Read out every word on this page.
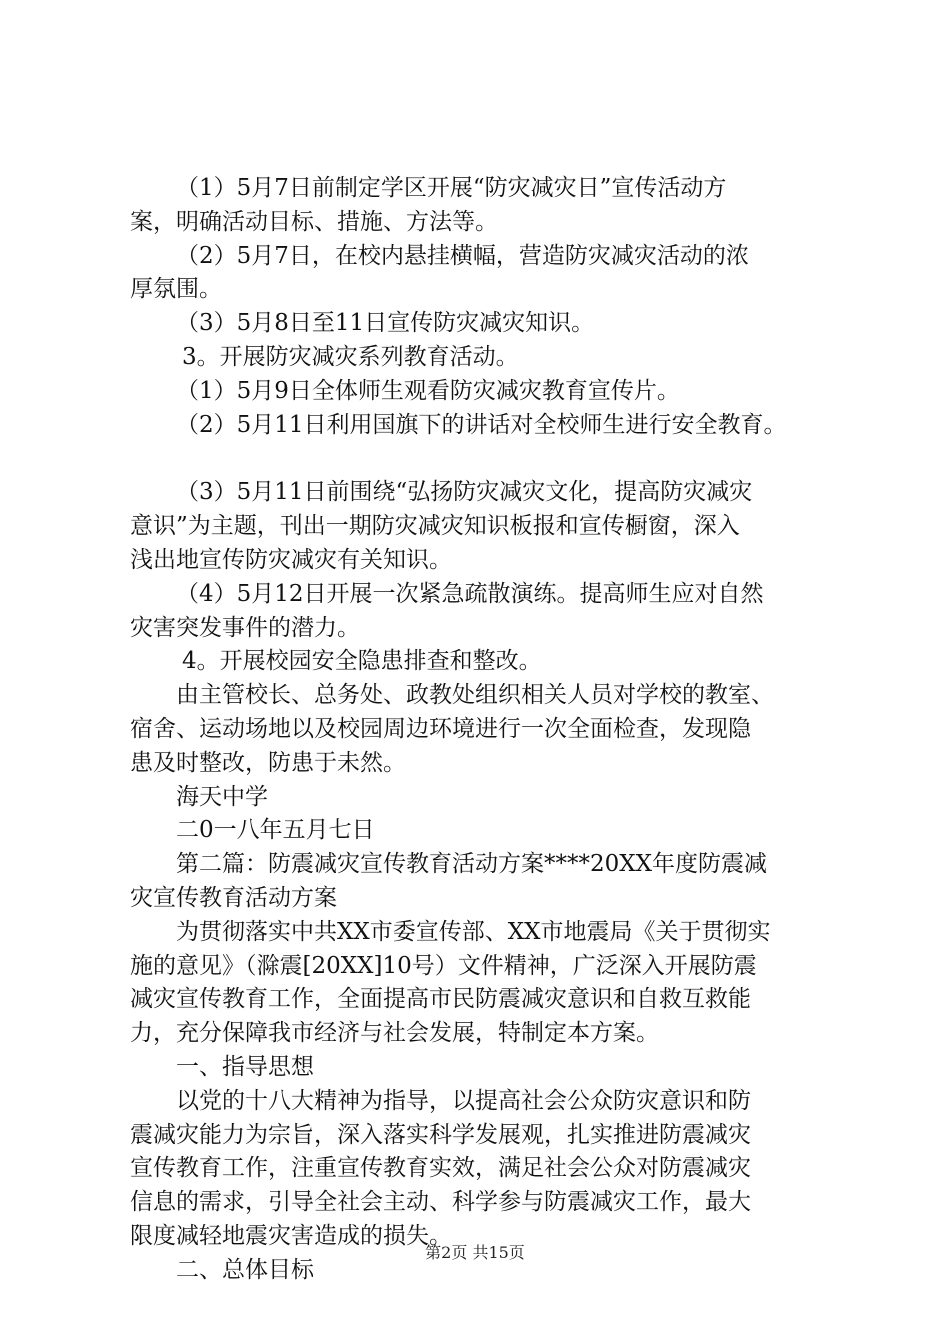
（1）5月7日前制定学区开展“防灾减灾日”宣传活动方
案，明确活动目标、措施、方法等。
（2）5月7日，在校内悬挂横幅，营造防灾减灾活动的浓
厚氛围。
（3）5月8日至11日宣传防灾减灾知识。
3。开展防灾减灾系列教育活动。
（1）5月9日全体师生观看防灾减灾教育宣传片。
（2）5月11日利用国旗下的讲话对全校师生进行安全教育。
（3）5月11日前围绕“弘扬防灾减灾文化，提高防灾减灾
意识”为主题，刊出一期防灾减灾知识板报和宣传橱窗，深入
浅出地宣传防灾减灾有关知识。
（4）5月12日开展一次紧急疏散演练。提高师生应对自然
灾害突发事件的潜力。
4。开展校园安全隐患排查和整改。
由主管校长、总务处、政教处组织相关人员对学校的教室、
宿舍、运动场地以及校园周边环境进行一次全面检查，发现隐
患及时整改，防患于未然。
海天中学
二0一八年五月七日
第二篇：防震减灾宣传教育活动方案****20XX年度防震减
灾宣传教育活动方案
为贯彻落实中共XX市委宣传部、XX市地震局《关于贯彻实
施的意见》（滁震[20XX]10号）文件精神，广泛深入开展防震
减灾宣传教育工作，全面提高市民防震减灾意识和自救互救能
力，充分保障我市经济与社会发展，特制定本方案。
一、指导思想
以党的十八大精神为指导，以提高社会公众防灾意识和防
震减灾能力为宗旨，深入落实科学发展观，扎实推进防震减灾
宣传教育工作，注重宣传教育实效，满足社会公众对防震减灾
信息的需求，引导全社会主动、科学参与防震减灾工作，最大
限度减轻地震灾害造成的损失。
二、总体目标
第2页 共15页
